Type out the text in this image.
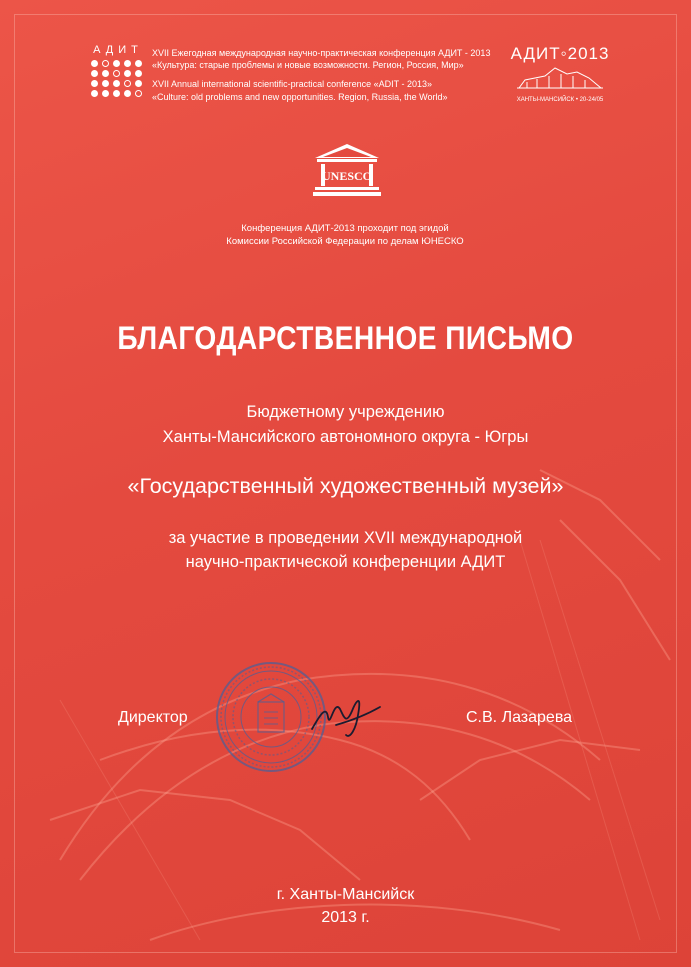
АДИТ	XVII Ежегодная международная научно-практическая конференция АДИТ - 2013
«Культура: старые проблемы и новые возможности. Регион, Россия, Мир»
XVII Annual international scientific-practical conference «ADIT - 2013»
«Culture: old problems and new opportunities. Region, Russia, the World»
АДИТ◦2013
ХАНТЫ-МАНСИЙСК • 20-24/05
UNESCO
Конференция АДИТ-2013 проходит под эгидой
Комиссии Российской Федерации по делам ЮНЕСКО
БЛАГОДАРСТВЕННОЕ ПИСЬМО
Бюджетному учреждению
Ханты-Мансийского автономного округа - Югры
«Государственный художественный музей»
за участие в проведении XVII международной
научно-практической конференции АДИТ
Директор	С.В. Лазарева
г. Ханты-Мансийск
2013 г.
